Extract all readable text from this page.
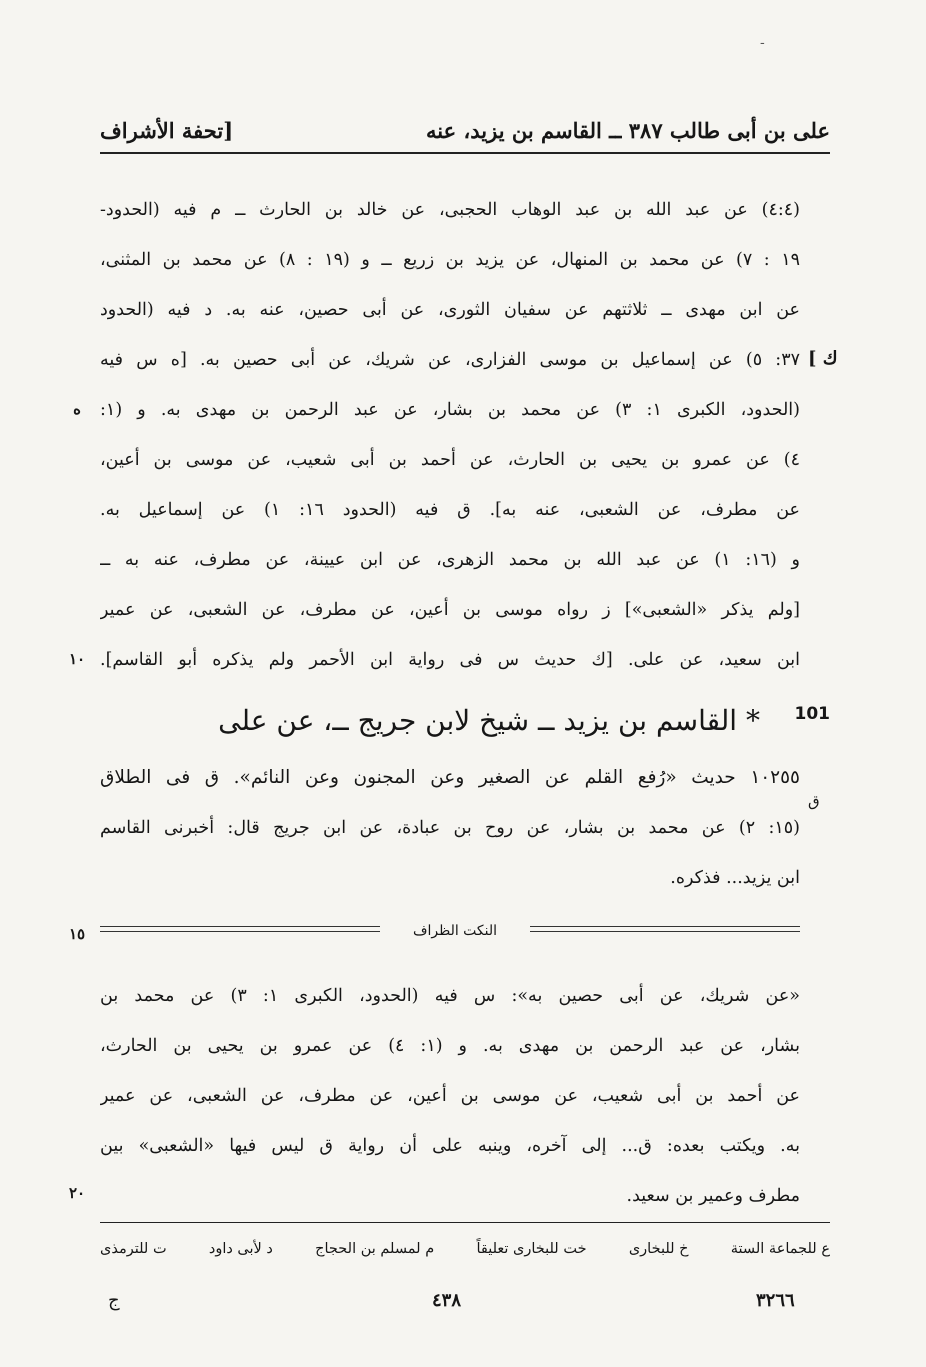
-
على بن أبى طالب ٣٨٧ ــ القاسم بن يزيد، عنه
[تحفة الأشراف
(٤:٤) عن عبد الله بن عبد الوهاب الحجبى، عن خالد بن الحارث ــ م فيه (الحدود-
١٩ : ٧) عن محمد بن المنهال، عن يزيد بن زريع ــ و (١٩ : ٨) عن محمد بن المثنى،
عن ابن مهدى ــ ثلاثتهم عن سفيان الثورى، عن أبى حصين، عنه به. د فيه (الحدود
٣٧: ٥) عن إسماعيل بن موسى الفزارى، عن شريك، عن أبى حصين به. [ه س فيه
(الحدود، الكبرى ١: ٣) عن محمد بن بشار، عن عبد الرحمن بن مهدى به. و (١:
٤) عن عمرو بن يحيى بن الحارث، عن أحمد بن أبى شعيب، عن موسى بن أعين،
عن مطرف، عن الشعبى، عنه به]. ق فيه (الحدود ١٦: ١) عن إسماعيل به.
و (١٦: ١) عن عبد الله بن محمد الزهرى، عن ابن عيينة، عن مطرف، عنه به ــ
[ولم يذكر «الشعبى»] ز رواه موسى بن أعين، عن مطرف، عن الشعبى، عن عمير
ابن سعيد، عن على. [ك حديث س فى رواية ابن الأحمر ولم يذكره أبو القاسم].
[ ك
ه
١٠
101
* القاسم بن يزيد ــ شيخ لابن جريج ــ، عن على
١٠٢٥٥ حديث «رُفع القلم عن الصغير وعن المجنون وعن النائم». ق فى الطلاق
(١٥: ٢) عن محمد بن بشار، عن روح بن عبادة، عن ابن جريج قال: أخبرنى القاسم
ابن يزيد... فذكره.
ق
النكت الظراف
١٥
«عن شريك، عن أبى حصين به»: س فيه (الحدود، الكبرى ١: ٣) عن محمد بن
بشار، عن عبد الرحمن بن مهدى به. و (١: ٤) عن عمرو بن يحيى بن الحارث،
عن أحمد بن أبى شعيب، عن موسى بن أعين، عن مطرف، عن الشعبى، عن عمير
به. ويكتب بعده: ق... إلى آخره، وينبه على أن رواية ق ليس فيها «الشعبى» بين
مطرف وعمير بن سعيد.
٢٠
ع للجماعة الستة
خ للبخارى
خت للبخارى تعليقاً
م لمسلم بن الحجاج
د لأبى داود
ت للترمذى
٣٢٦٦
٤٣٨
ج
